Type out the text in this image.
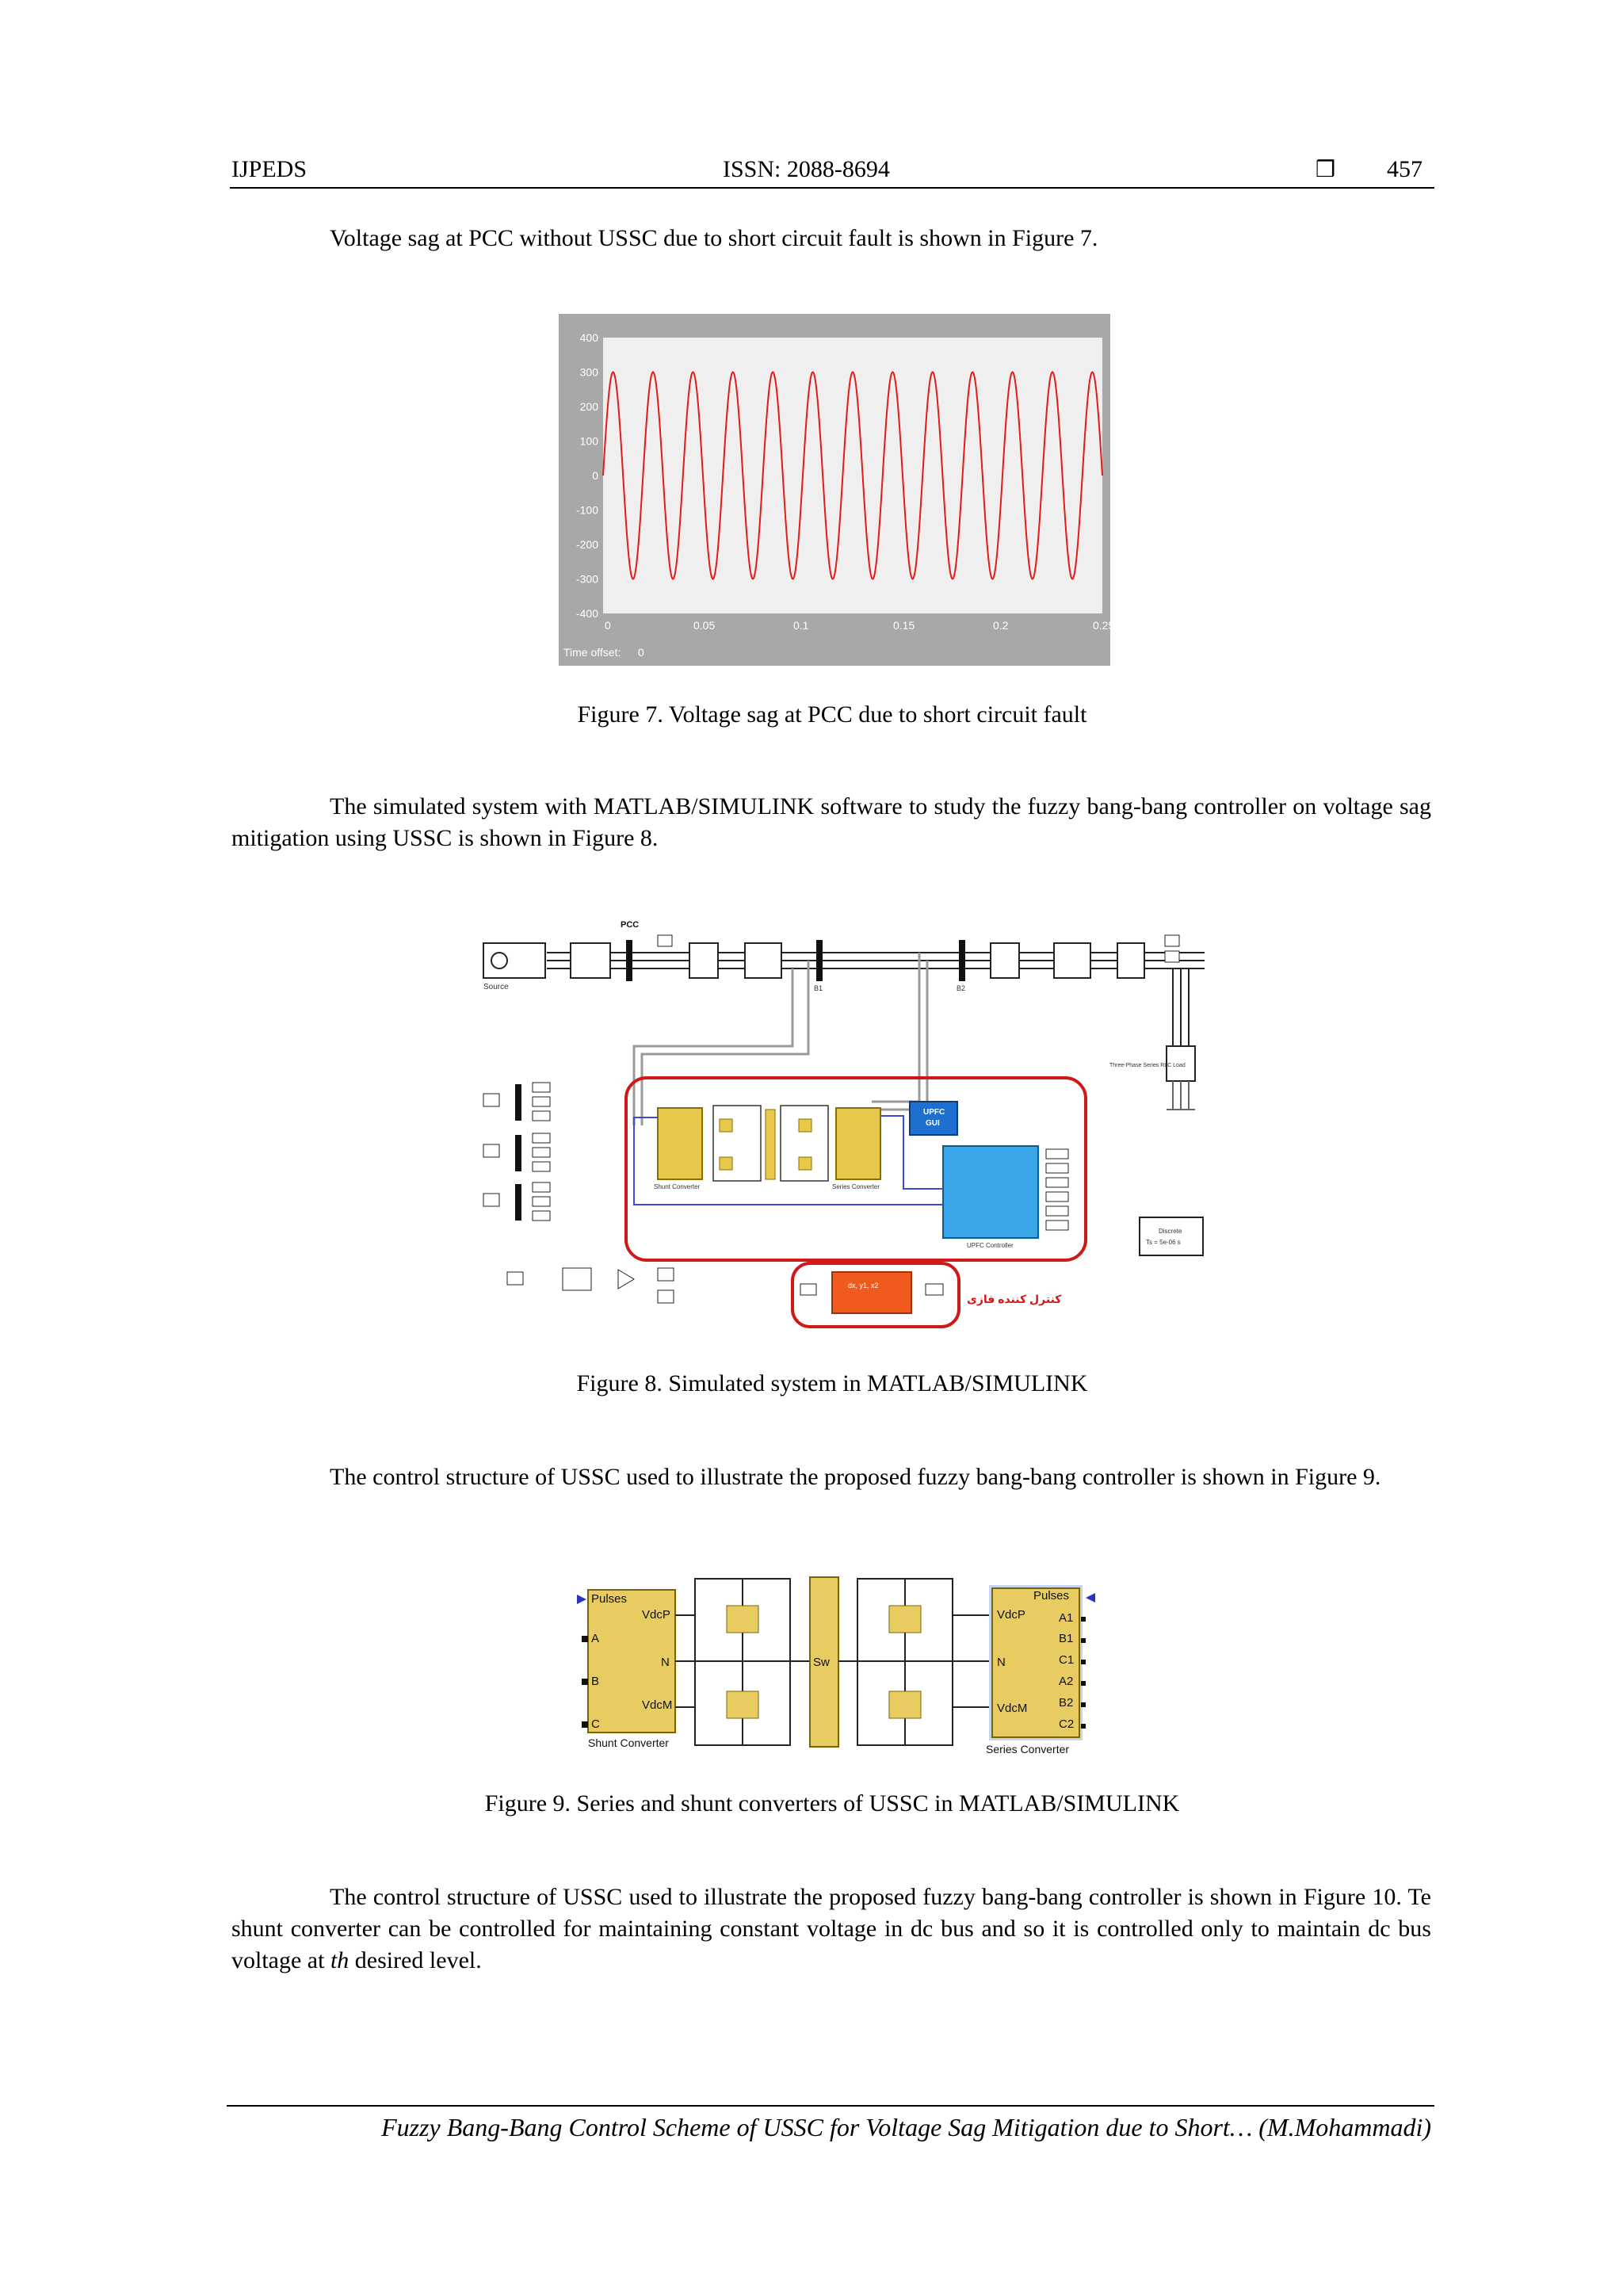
IJPEDS	ISSN: 2088-8694	❒ 457
Voltage sag at PCC without USSC due to short circuit fault is shown in Figure 7.
400
300
200
100
0
-100
-200
-300
-400
0	0.05	0.1	0.15	0.2	0.25
Time offset: 0
Figure 7. Voltage sag at PCC due to short circuit fault
The simulated system with MATLAB/SIMULINK software to study the fuzzy bang-bang controller on voltage sag mitigation using USSC is shown in Figure 8.
Source
PCC
B1	B2
Three-Phase Series RLC Load
Shunt Converter	Series Converter
UPFC
GUI
UPFC Controller
dx, y1, x2
کنترل کننده فازی
Discrete
Ts = 5e-06 s
Figure 8. Simulated system in MATLAB/SIMULINK
The control structure of USSC used to illustrate the proposed fuzzy bang-bang controller is shown in Figure 9.
Pulses
A
B
C
VdcP
N
VdcM
Shunt Converter
Sw
VdcP
N
VdcM
Pulses
A1
B1
C1
A2
B2
C2
Series Converter
Figure 9. Series and shunt converters of USSC in MATLAB/SIMULINK
The control structure of USSC used to illustrate the proposed fuzzy bang-bang controller is shown in Figure 10. Te shunt converter can be controlled for maintaining constant voltage in dc bus and so it is controlled only to maintain dc bus voltage at th desired level.
Fuzzy Bang-Bang Control Scheme of USSC for Voltage Sag Mitigation due to Short… (M.Mohammadi)
